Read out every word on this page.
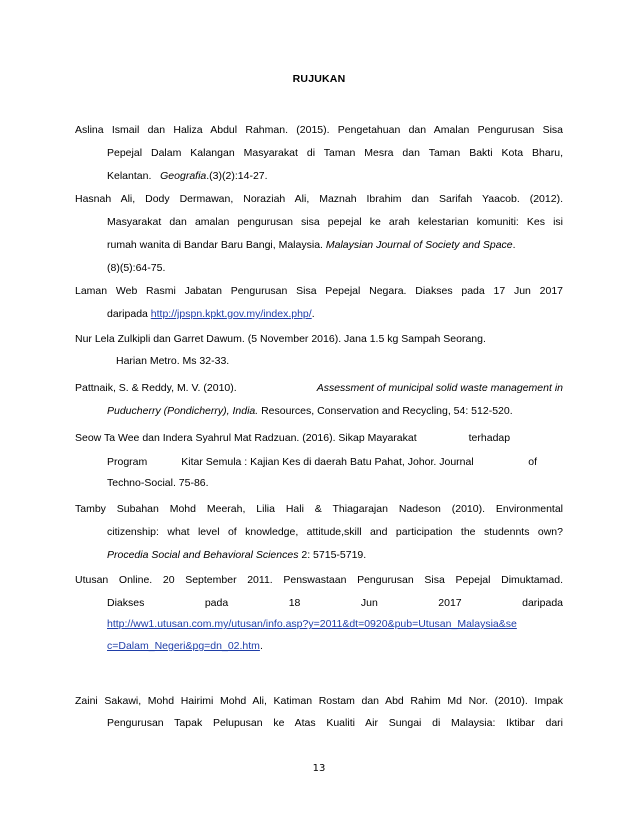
RUJUKAN
Aslina Ismail dan Haliza Abdul Rahman. (2015). Pengetahuan dan Amalan Pengurusan Sisa
Pepejal Dalam Kalangan Masyarakat di Taman Mesra dan Taman Bakti Kota Bharu,
Kelantan. Geografia.(3)(2):14-27.
Hasnah Ali, Dody Dermawan, Noraziah Ali, Maznah Ibrahim dan Sarifah Yaacob. (2012).
Masyarakat dan amalan pengurusan sisa pepejal ke arah kelestarian komuniti: Kes isi
rumah wanita di Bandar Baru Bangi, Malaysia. Malaysian Journal of Society and Space.
(8)(5):64-75.
Laman Web Rasmi Jabatan Pengurusan Sisa Pepejal Negara. Diakses pada 17 Jun 2017
daripada http://jpspn.kpkt.gov.my/index.php/.
Nur Lela Zulkipli dan Garret Dawum. (5 November 2016). Jana 1.5 kg Sampah Seorang.
Harian Metro. Ms 32-33.
Pattnaik, S. & Reddy, M. V. (2010).	Assessment of municipal solid waste management in
Puducherry (Pondicherry), India. Resources, Conservation and Recycling, 54: 512-520.
Seow Ta Wee dan Indera Syahrul Mat Radzuan. (2016). Sikap Mayarakat	terhadap
Program	Kitar Semula : Kajian Kes di daerah Batu Pahat, Johor. Journal	of
Techno-Social. 75-86.
Tamby Subahan Mohd Meerah, Lilia Hali & Thiagarajan Nadeson (2010). Environmental
citizenship: what level of knowledge, attitude,skill and participation the studennts own?
Procedia Social and Behavioral Sciences 2: 5715-5719.
Utusan Online. 20 September 2011. Penswastaan Pengurusan Sisa Pepejal Dimuktamad.
Diakses	pada	18	Jun	2017	daripada
http://ww1.utusan.com.my/utusan/info.asp?y=2011&dt=0920&pub=Utusan_Malaysia&se
c=Dalam_Negeri&pg=dn_02.htm.
Zaini Sakawi, Mohd Hairimi Mohd Ali, Katiman Rostam dan Abd Rahim Md Nor. (2010). Impak
Pengurusan Tapak Pelupusan ke Atas Kualiti Air Sungai di Malaysia: Iktibar dari
13
